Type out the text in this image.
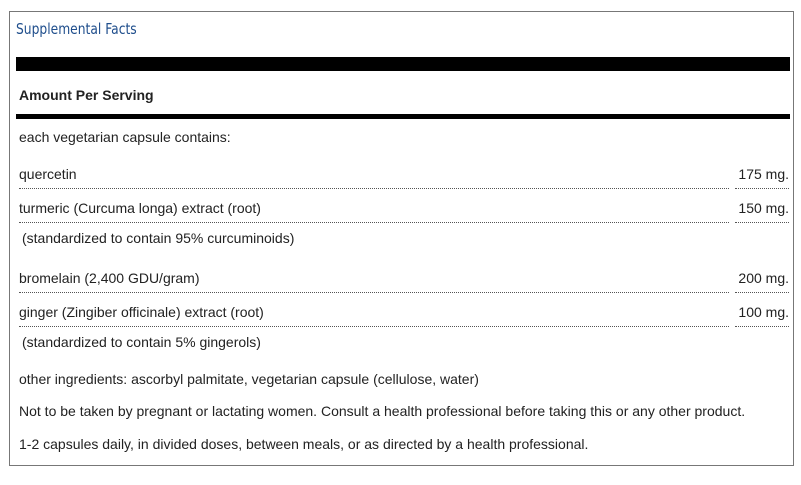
Supplemental Facts
Amount Per Serving
each vegetarian capsule contains:
quercetin	175 mg.
turmeric (Curcuma longa) extract (root)	150 mg.
(standardized to contain 95% curcuminoids)
bromelain (2,400 GDU/gram)	200 mg.
ginger (Zingiber officinale) extract (root)	100 mg.
(standardized to contain 5% gingerols)
other ingredients: ascorbyl palmitate, vegetarian capsule (cellulose, water)
Not to be taken by pregnant or lactating women. Consult a health professional before taking this or any other product.
1-2 capsules daily, in divided doses, between meals, or as directed by a health professional.
